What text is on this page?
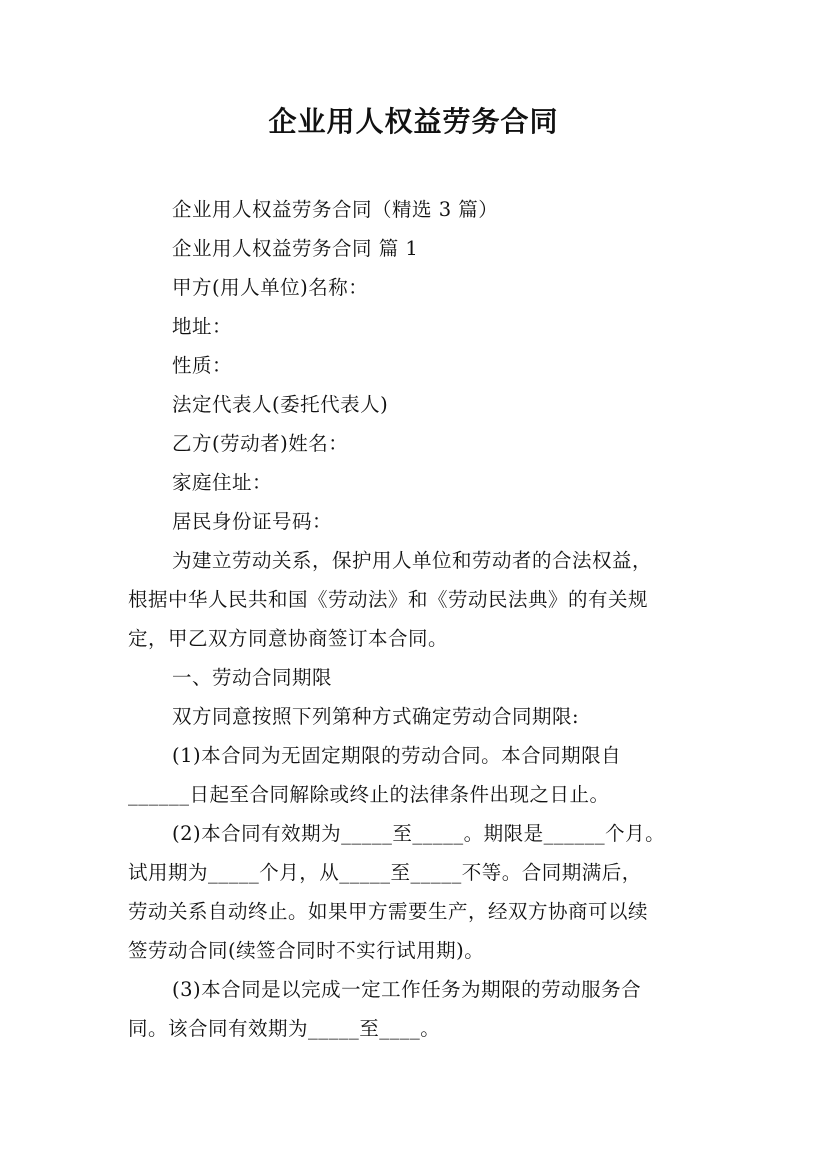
企业用人权益劳务合同
企业用人权益劳务合同（精选 3 篇）
企业用人权益劳务合同 篇 1
甲方(用人单位)名称：
地址：
性质：
法定代表人(委托代表人)
乙方(劳动者)姓名：
家庭住址：
居民身份证号码：
为建立劳动关系，保护用人单位和劳动者的合法权益，
根据中华人民共和国《劳动法》和《劳动民法典》的有关规
定，甲乙双方同意协商签订本合同。
一、劳动合同期限
双方同意按照下列第种方式确定劳动合同期限:
(1)本合同为无固定期限的劳动合同。本合同期限自
______日起至合同解除或终止的法律条件出现之日止。
(2)本合同有效期为_____至_____。期限是______个月。
试用期为_____个月，从_____至_____不等。合同期满后，
劳动关系自动终止。如果甲方需要生产，经双方协商可以续
签劳动合同(续签合同时不实行试用期)。
(3)本合同是以完成一定工作任务为期限的劳动服务合
同。该合同有效期为_____至____。
